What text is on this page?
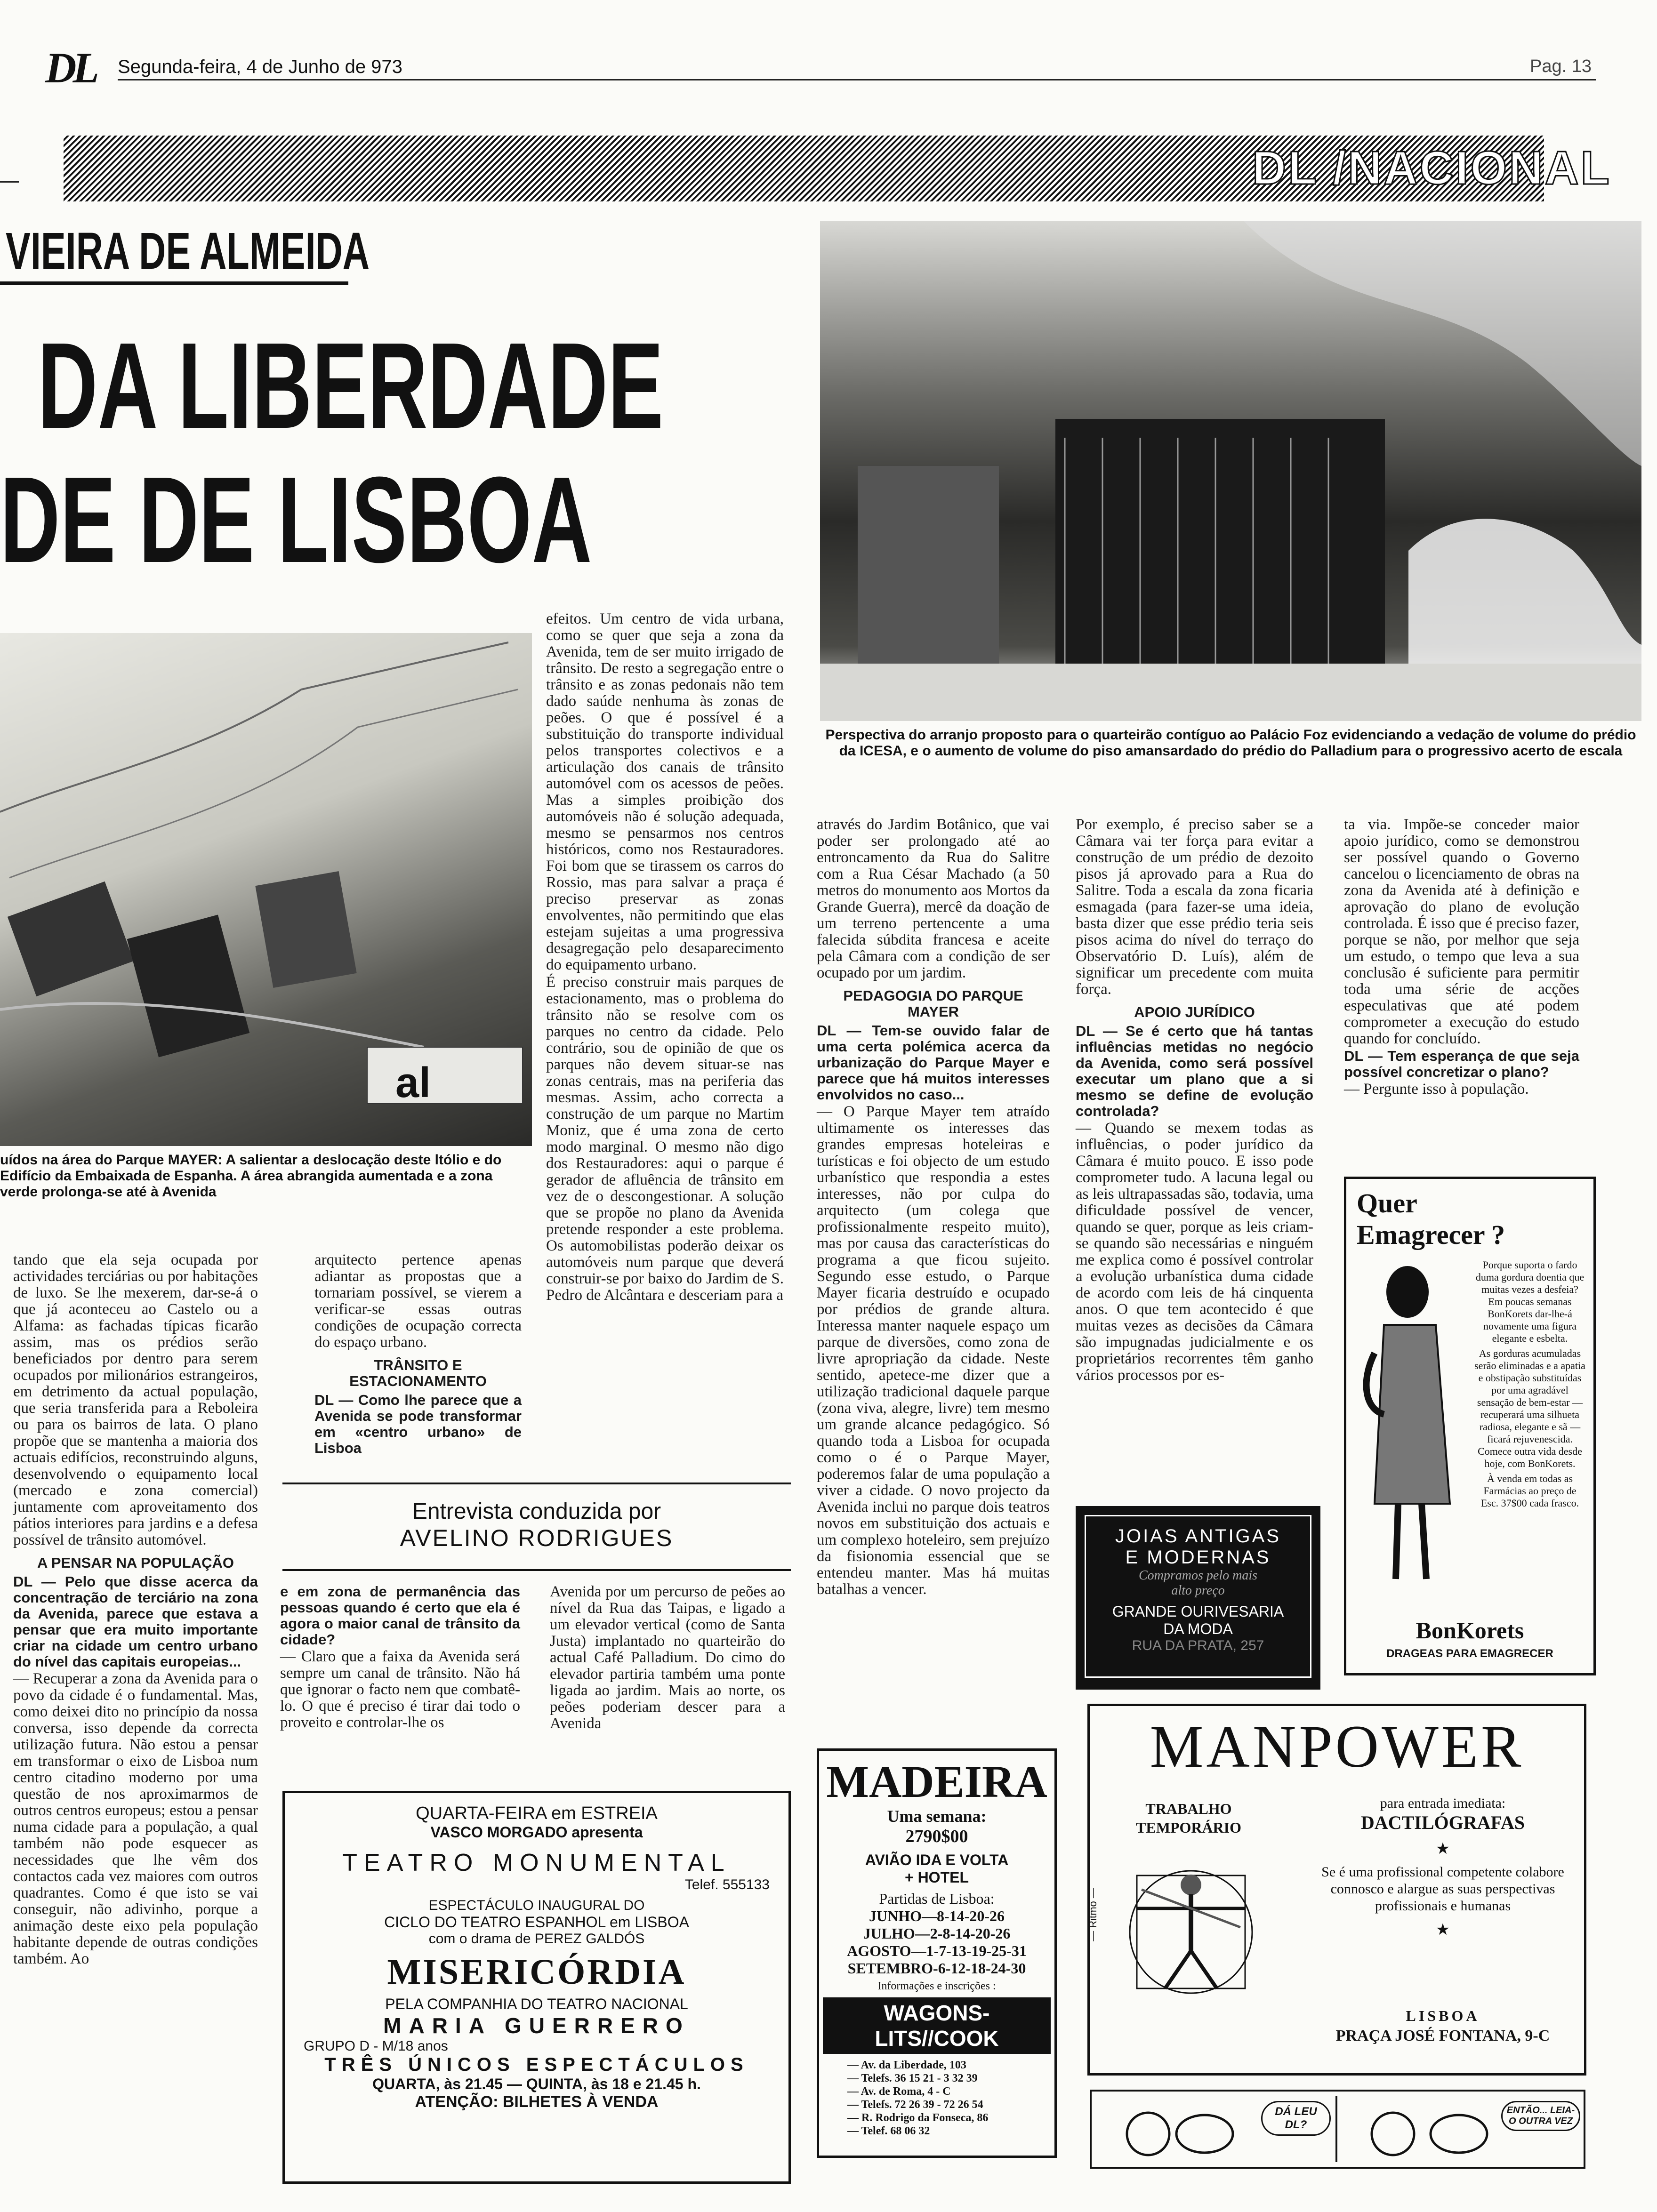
DL Segunda-feira, 4 de Junho de 973	Pag. 13
DL /NACIONAL
VIEIRA DE ALMEIDA
DA LIBERDADE
DE DE LISBOA
al
uídos na área do Parque MAYER: A salientar a deslocação deste ltólio e do Edifício da Embaixada de Espanha. A área abrangida aumentada e a zona verde prolonga-se até à Avenida
Perspectiva do arranjo proposto para o quarteirão contíguo ao Palácio Foz evidenciando a vedação de volume do prédio da ICESA, e o aumento de volume do piso amansardado do prédio do Palladium para o progressivo acerto de escala

efeitos. Um centro de vida urbana, como se quer que seja a zona da Avenida, tem de ser muito irrigado de trânsito. De resto a segregação entre o trânsito e as zonas pedonais não tem dado saúde nenhuma às zonas de peões. O que é possível é a substituição do transporte individual pelos transportes colectivos e a articulação dos canais de trânsito automóvel com os acessos de peões. Mas a simples proibição dos automóveis não é solução adequada, mesmo se pensarmos nos centros históricos, como nos Restauradores. Foi bom que se tirassem os carros do Rossio, mas para salvar a praça é preciso preservar as zonas envolventes, não permitindo que elas estejam sujeitas a uma progressiva desagregação pelo desaparecimento do equipamento urbano.

É preciso construir mais parques de estacionamento, mas o problema do trânsito não se resolve com os parques no centro da cidade. Pelo contrário, sou de opinião de que os parques não devem situar-se nas zonas centrais, mas na periferia das mesmas. Assim, acho correcta a construção de um parque no Martim Moniz, que é uma zona de certo modo marginal. O mesmo não digo dos Restauradores: aqui o parque é gerador de afluência de trânsito em vez de o descongestionar. A solução que se propõe no plano da Avenida pretende responder a este problema. Os automobilistas poderão deixar os automóveis num parque que deverá construir-se por baixo do Jardim de S. Pedro de Alcântara e desceriam para a

tando que ela seja ocupada por actividades terciárias ou por habitações de luxo. Se lhe mexerem, dar-se-á o que já aconteceu ao Castelo ou a Alfama: as fachadas típicas ficarão assim, mas os prédios serão beneficiados por dentro para serem ocupados por milionários estrangeiros, em detrimento da actual população, que seria transferida para a Reboleira ou para os bairros de lata. O plano propõe que se mantenha a maioria dos actuais edifícios, reconstruindo alguns, desenvolvendo o equipamento local (mercado e zona comercial) juntamente com aproveitamento dos pátios interiores para jardins e a defesa possível de trânsito automóvel.

A PENSAR NA POPULAÇÃO

DL — Pelo que disse acerca da concentração de terciário na zona da Avenida, parece que estava a pensar que era muito importante criar na cidade um centro urbano do nível das capitais europeias...

— Recuperar a zona da Avenida para o povo da cidade é o fundamental. Mas, como deixei dito no princípio da nossa conversa, isso depende da correcta utilização futura. Não estou a pensar em transformar o eixo de Lisboa num centro citadino moderno por uma questão de nos aproximarmos de outros centros europeus; estou a pensar numa cidade para a população, a qual também não pode esquecer as necessidades que lhe vêm dos contactos cada vez maiores com outros quadrantes. Como é que isto se vai conseguir, não adivinho, porque a animação deste eixo pela população habitante depende de outras condições também. Ao

arquitecto pertence apenas adiantar as propostas que a tornariam possível, se vierem a verificar-se essas outras condições de ocupação correcta do espaço urbano.

TRÂNSITO E ESTACIONAMENTO

DL — Como lhe parece que a Avenida se pode transformar em «centro urbano» de Lisboa

Entrevista conduzida por
AVELINO RODRIGUES

e em zona de permanência das pessoas quando é certo que ela é agora o maior canal de trânsito da cidade?

— Claro que a faixa da Avenida será sempre um canal de trânsito. Não há que ignorar o facto nem que combatê-lo. O que é preciso é tirar dai todo o proveito e controlar-lhe os

Avenida por um percurso de peões ao nível da Rua das Taipas, e ligado a um elevador vertical (como de Santa Justa) implantado no quarteirão do actual Café Palladium. Do cimo do elevador partiria também uma ponte ligada ao jardim. Mais ao norte, os peões poderiam descer para a Avenida

através do Jardim Botânico, que vai poder ser prolongado até ao entroncamento da Rua do Salitre com a Rua César Machado (a 50 metros do monumento aos Mortos da Grande Guerra), mercê da doação de um terreno pertencente a uma falecida súbdita francesa e aceite pela Câmara com a condição de ser ocupado por um jardim.

PEDAGOGIA DO PARQUE MAYER

DL — Tem-se ouvido falar de uma certa polémica acerca da urbanização do Parque Mayer e parece que há muitos interesses envolvidos no caso...

— O Parque Mayer tem atraído ultimamente os interesses das grandes empresas hoteleiras e turísticas e foi objecto de um estudo urbanístico que respondia a estes interesses, não por culpa do arquitecto (um colega que profissionalmente respeito muito), mas por causa das características do programa a que ficou sujeito. Segundo esse estudo, o Parque Mayer ficaria destruído e ocupado por prédios de grande altura. Interessa manter naquele espaço um parque de diversões, como zona de livre apropriação da cidade. Neste sentido, apetece-me dizer que a utilização tradicional daquele parque (zona viva, alegre, livre) tem mesmo um grande alcance pedagógico. Só quando toda a Lisboa for ocupada como o é o Parque Mayer, poderemos falar de uma população a viver a cidade. O novo projecto da Avenida inclui no parque dois teatros novos em substituição dos actuais e um complexo hoteleiro, sem prejuízo da fisionomia essencial que se entendeu manter. Mas há muitas batalhas a vencer.

Por exemplo, é preciso saber se a Câmara vai ter força para evitar a construção de um prédio de dezoito pisos já aprovado para a Rua do Salitre. Toda a escala da zona ficaria esmagada (para fazer-se uma ideia, basta dizer que esse prédio teria seis pisos acima do nível do terraço do Observatório D. Luís), além de significar um precedente com muita força.

APOIO JURÍDICO

DL — Se é certo que há tantas influências metidas no negócio da Avenida, como será possível executar um plano que a si mesmo se define de evolução controlada?

— Quando se mexem todas as influências, o poder jurídico da Câmara é muito pouco. E isso pode comprometer tudo. A lacuna legal ou as leis ultrapassadas são, todavia, uma dificuldade possível de vencer, quando se quer, porque as leis criam-se quando são necessárias e ninguém me explica como é possível controlar a evolução urbanística duma cidade de acordo com leis de há cinquenta anos. O que tem acontecido é que muitas vezes as decisões da Câmara são impugnadas judicialmente e os proprietários recorrentes têm ganho vários processos por es-

ta via. Impõe-se conceder maior apoio jurídico, como se demonstrou ser possível quando o Governo cancelou o licenciamento de obras na zona da Avenida até à definição e aprovação do plano de evolução controlada. É isso que é preciso fazer, porque se não, por melhor que seja um estudo, o tempo que leva a sua conclusão é suficiente para permitir toda uma série de acções especulativas que até podem comprometer a execução do estudo quando for concluído.

DL — Tem esperança de que seja possível concretizar o plano?

— Pergunte isso à população.

QUARTA-FEIRA em ESTREIA
VASCO MORGADO apresenta
TEATRO MONUMENTAL
Telef. 555133
ESPECTÁCULO INAUGURAL DO
CICLO DO TEATRO ESPANHOL em LISBOA
com o drama de PEREZ GALDÓS
MISERICÓRDIA
PELA COMPANHIA DO TEATRO NACIONAL
MARIA GUERRERO
GRUPO D - M/18 anos
TRÊS ÚNICOS ESPECTÁCULOS
QUARTA, às 21.45 — QUINTA, às 18 e 21.45 h.
ATENÇÃO: BILHETES À VENDA
MADEIRA
Uma semana:
2790$00
AVIÃO IDA E VOLTA
+ HOTEL
Partidas de Lisboa:
JUNHO—8-14-20-26
JULHO—2-8-14-20-26
AGOSTO—1-7-13-19-25-31
SETEMBRO-6-12-18-24-30
Informações e inscrições :
WAGONS-LITS//COOK
— Av. da Liberdade, 103
— Telefs. 36 15 21 - 3 32 39
— Av. de Roma, 4 - C
— Telefs. 72 26 39 - 72 26 54
— R. Rodrigo da Fonseca, 86
— Telef. 68 06 32
JOIAS ANTIGAS
E MODERNAS
Compramos pelo mais
alto preço
GRANDE OURIVESARIA
DA MODA
RUA DA PRATA, 257
Quer
Emagrecer ?

Porque suporta o fardo duma gordura doentia que muitas vezes a desfeia? Em poucas semanas BonKorets dar-lhe-á novamente uma figura elegante e esbelta.

As gorduras acumuladas serão eliminadas e a apatia e obstipação substituídas por uma agradável sensação de bem-estar — recuperará uma silhueta radiosa, elegante e sã — ficará rejuvenescida. Comece outra vida desde hoje, com BonKorets.

À venda em todas as Farmácias ao preço de Esc. 37$00 cada frasco.

BonKorets
DRAGEAS PARA EMAGRECER
MANPOWER
TRABALHO
TEMPORÁRIO
— Ritmo —
para entrada imediata:
DACTILÓGRAFAS
★
Se é uma profissional competente colabore connosco e alargue as suas perspectivas profissionais e humanas
★
LISBOA
PRAÇA JOSÉ FONTANA, 9-C
DÁ LEU DL?
ENTÃO... LEIA-O OUTRA VEZ
